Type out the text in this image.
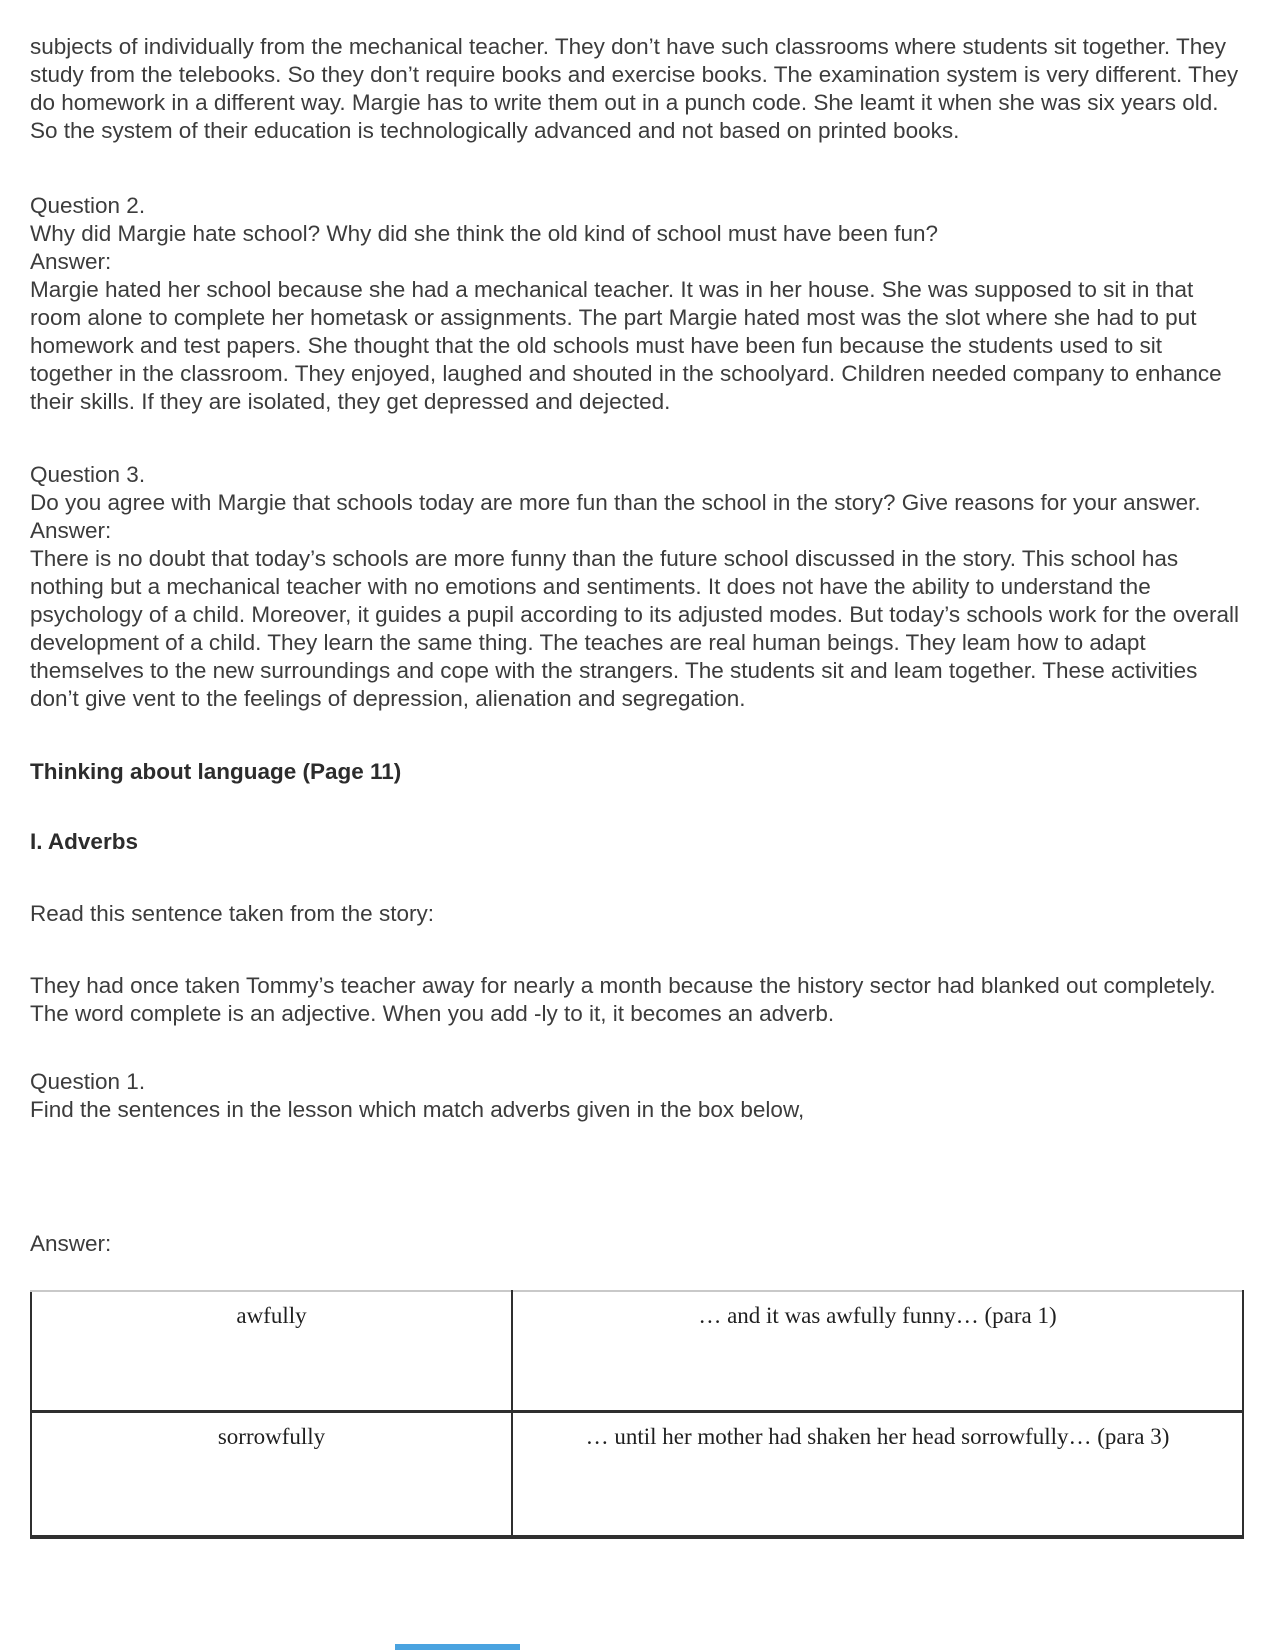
subjects of individually from the mechanical teacher. They don’t have such classrooms where students sit together. They study from the telebooks. So they don’t require books and exercise books. The examination system is very different. They do homework in a different way. Margie has to write them out in a punch code. She leamt it when she was six years old. So the system of their education is technologically advanced and not based on printed books.

Question 2.
Why did Margie hate school? Why did she think the old kind of school must have been fun?
Answer:
Margie hated her school because she had a mechanical teacher. It was in her house. She was supposed to sit in that room alone to complete her hometask or assignments. The part Margie hated most was the slot where she had to put homework and test papers. She thought that the old schools must have been fun because the students used to sit together in the classroom. They enjoyed, laughed and shouted in the schoolyard. Children needed company to enhance their skills. If they are isolated, they get depressed and dejected.
Question 3.
Do you agree with Margie that schools today are more fun than the school in the story? Give reasons for your answer.
Answer:
There is no doubt that today’s schools are more funny than the future school discussed in the story. This school has nothing but a mechanical teacher with no emotions and sentiments. It does not have the ability to understand the psychology of a child. Moreover, it guides a pupil according to its adjusted modes. But today’s schools work for the overall development of a child. They learn the same thing. The teaches are real human beings. They leam how to adapt themselves to the new surroundings and cope with the strangers. The students sit and leam together. These activities don’t give vent to the feelings of depression, alienation and segregation.
Thinking about language (Page 11)
I. Adverbs

Read this sentence taken from the story:

They had once taken Tommy’s teacher away for nearly a month because the history sector had blanked out completely. The word complete is an adjective. When you add -ly to it, it becomes an adverb.

Question 1.
Find the sentences in the lesson which match adverbs given in the box below,
Answer:
awfully	… and it was awfully funny… (para 1)
sorrowfully	… until her mother had shaken her head sorrowfully… (para 3)
